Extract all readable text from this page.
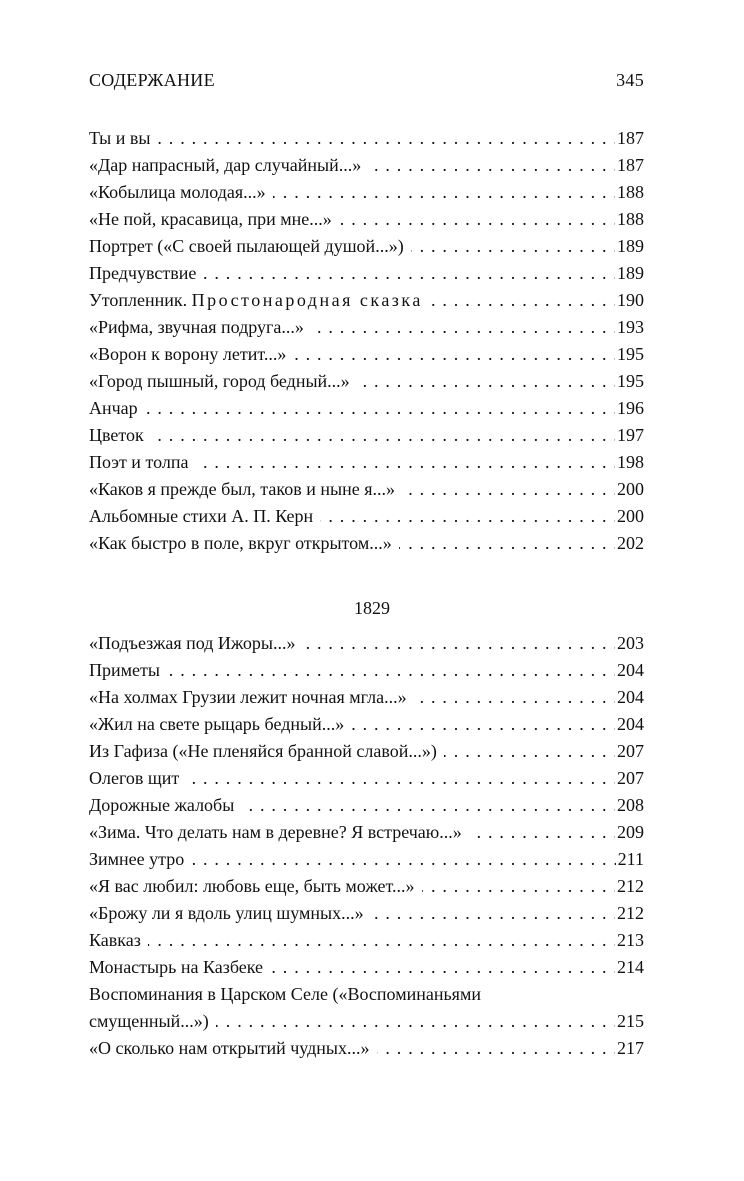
СОДЕРЖАНИЕ	345
Ты и вы	187
. . .
«Дар напрасный, дар случайный...»	187
. . .
«Кобылица молодая...»	188
. . .
«Не пой, красавица, при мне...»	188
. . .
Портрет («С своей пылающей душой...»)	189
. . .
Предчувствие	189
. . .
Утопленник. Простонародная сказка	190
. . .
«Рифма, звучная подруга...»	193
. . .
«Ворон к ворону летит...»	195
. . .
«Город пышный, город бедный...»	195
. . .
Анчар	196
. . .
Цветок	197
. . .
Поэт и толпа	198
. . .
«Каков я прежде был, таков и ныне я...»	200
. . .
Альбомные стихи А. П. Керн	200
. . .
«Как быстро в поле, вкруг открытом...»	202
. . .
1829
«Подъезжая под Ижоры...»	203
. . .
Приметы	204
. . .
«На холмах Грузии лежит ночная мгла...»	204
. . .
«Жил на свете рыцарь бедный...»	204
. . .
Из Гафиза («Не пленяйся бранной славой...»)	207
. . .
Олегов щит	207
. . .
Дорожные жалобы	208
. . .
«Зима. Что делать нам в деревне? Я встречаю...»	209
. . .
Зимнее утро	211
. . .
«Я вас любил: любовь еще, быть может...»	212
. . .
«Брожу ли я вдоль улиц шумных...»	212
. . .
Кавказ	213
. . .
Монастырь на Казбеке	214
. . .
Воспоминания в Царском Селе («Воспоминаньями
смущенный...»)	215
. . .
«О сколько нам открытий чудных...»	217
. . .
